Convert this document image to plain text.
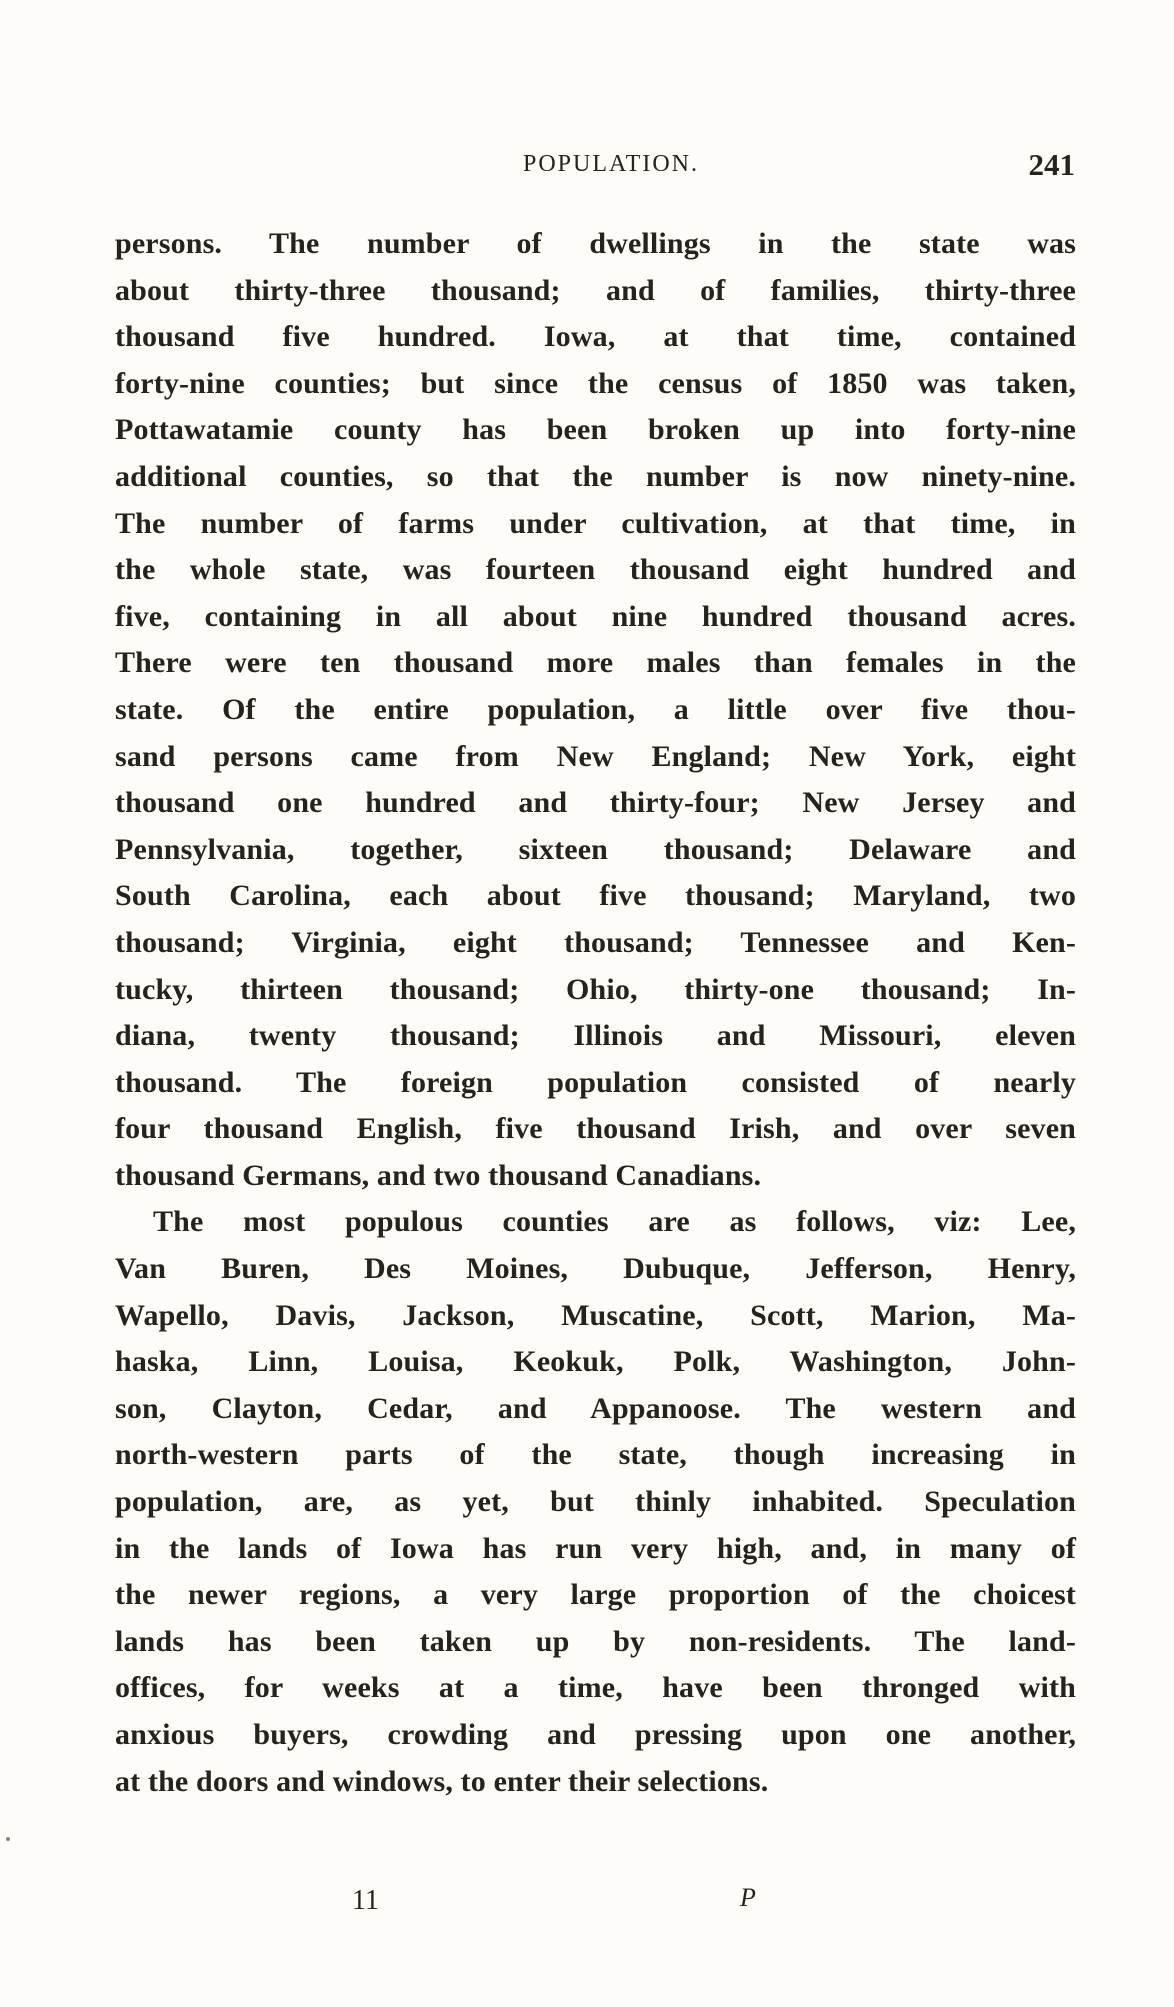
POPULATION.	241
persons. The number of dwellings in the state was
about thirty-three thousand; and of families, thirty-three
thousand five hundred. Iowa, at that time, contained
forty-nine counties; but since the census of 1850 was taken,
Pottawatamie county has been broken up into forty-nine
additional counties, so that the number is now ninety-nine.
The number of farms under cultivation, at that time, in
the whole state, was fourteen thousand eight hundred and
five, containing in all about nine hundred thousand acres.
There were ten thousand more males than females in the
state. Of the entire population, a little over five thou-
sand persons came from New England; New York, eight
thousand one hundred and thirty-four; New Jersey and
Pennsylvania, together, sixteen thousand; Delaware and
South Carolina, each about five thousand; Maryland, two
thousand; Virginia, eight thousand; Tennessee and Ken-
tucky, thirteen thousand; Ohio, thirty-one thousand; In-
diana, twenty thousand; Illinois and Missouri, eleven
thousand. The foreign population consisted of nearly
four thousand English, five thousand Irish, and over seven
thousand Germans, and two thousand Canadians.
The most populous counties are as follows, viz: Lee,
Van Buren, Des Moines, Dubuque, Jefferson, Henry,
Wapello, Davis, Jackson, Muscatine, Scott, Marion, Ma-
haska, Linn, Louisa, Keokuk, Polk, Washington, John-
son, Clayton, Cedar, and Appanoose. The western and
north-western parts of the state, though increasing in
population, are, as yet, but thinly inhabited. Speculation
in the lands of Iowa has run very high, and, in many of
the newer regions, a very large proportion of the choicest
lands has been taken up by non-residents. The land-
offices, for weeks at a time, have been thronged with
anxious buyers, crowding and pressing upon one another,
at the doors and windows, to enter their selections.
11	P
